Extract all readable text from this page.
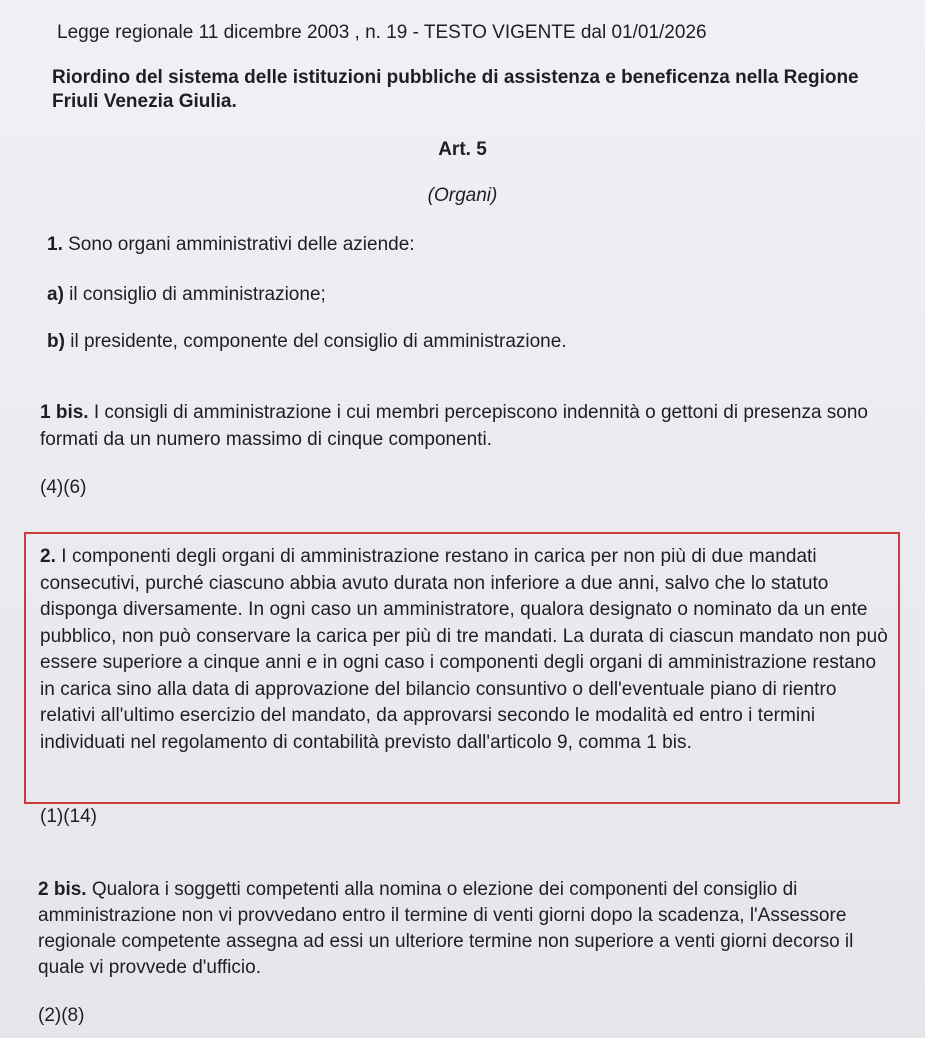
Legge regionale 11 dicembre 2003 , n. 19 - TESTO VIGENTE dal 01/01/2026

Riordino del sistema delle istituzioni pubbliche di assistenza e beneficenza nella Regione Friuli Venezia Giulia.

Art. 5

(Organi)

1. Sono organi amministrativi delle aziende:

a) il consiglio di amministrazione;

b) il presidente, componente del consiglio di amministrazione.

1 bis. I consigli di amministrazione i cui membri percepiscono indennità o gettoni di presenza sono formati da un numero massimo di cinque componenti.

(4)(6)

2. I componenti degli organi di amministrazione restano in carica per non più di due mandati consecutivi, purché ciascuno abbia avuto durata non inferiore a due anni, salvo che lo statuto disponga diversamente. In ogni caso un amministratore, qualora designato o nominato da un ente pubblico, non può conservare la carica per più di tre mandati. La durata di ciascun mandato non può essere superiore a cinque anni e in ogni caso i componenti degli organi di amministrazione restano in carica sino alla data di approvazione del bilancio consuntivo o dell'eventuale piano di rientro relativi all'ultimo esercizio del mandato, da approvarsi secondo le modalità ed entro i termini individuati nel regolamento di contabilità previsto dall'articolo 9, comma 1 bis.

(1)(14)

2 bis. Qualora i soggetti competenti alla nomina o elezione dei componenti del consiglio di amministrazione non vi provvedano entro il termine di venti giorni dopo la scadenza, l'Assessore regionale competente assegna ad essi un ulteriore termine non superiore a venti giorni decorso il quale vi provvede d'ufficio.

(2)(8)
